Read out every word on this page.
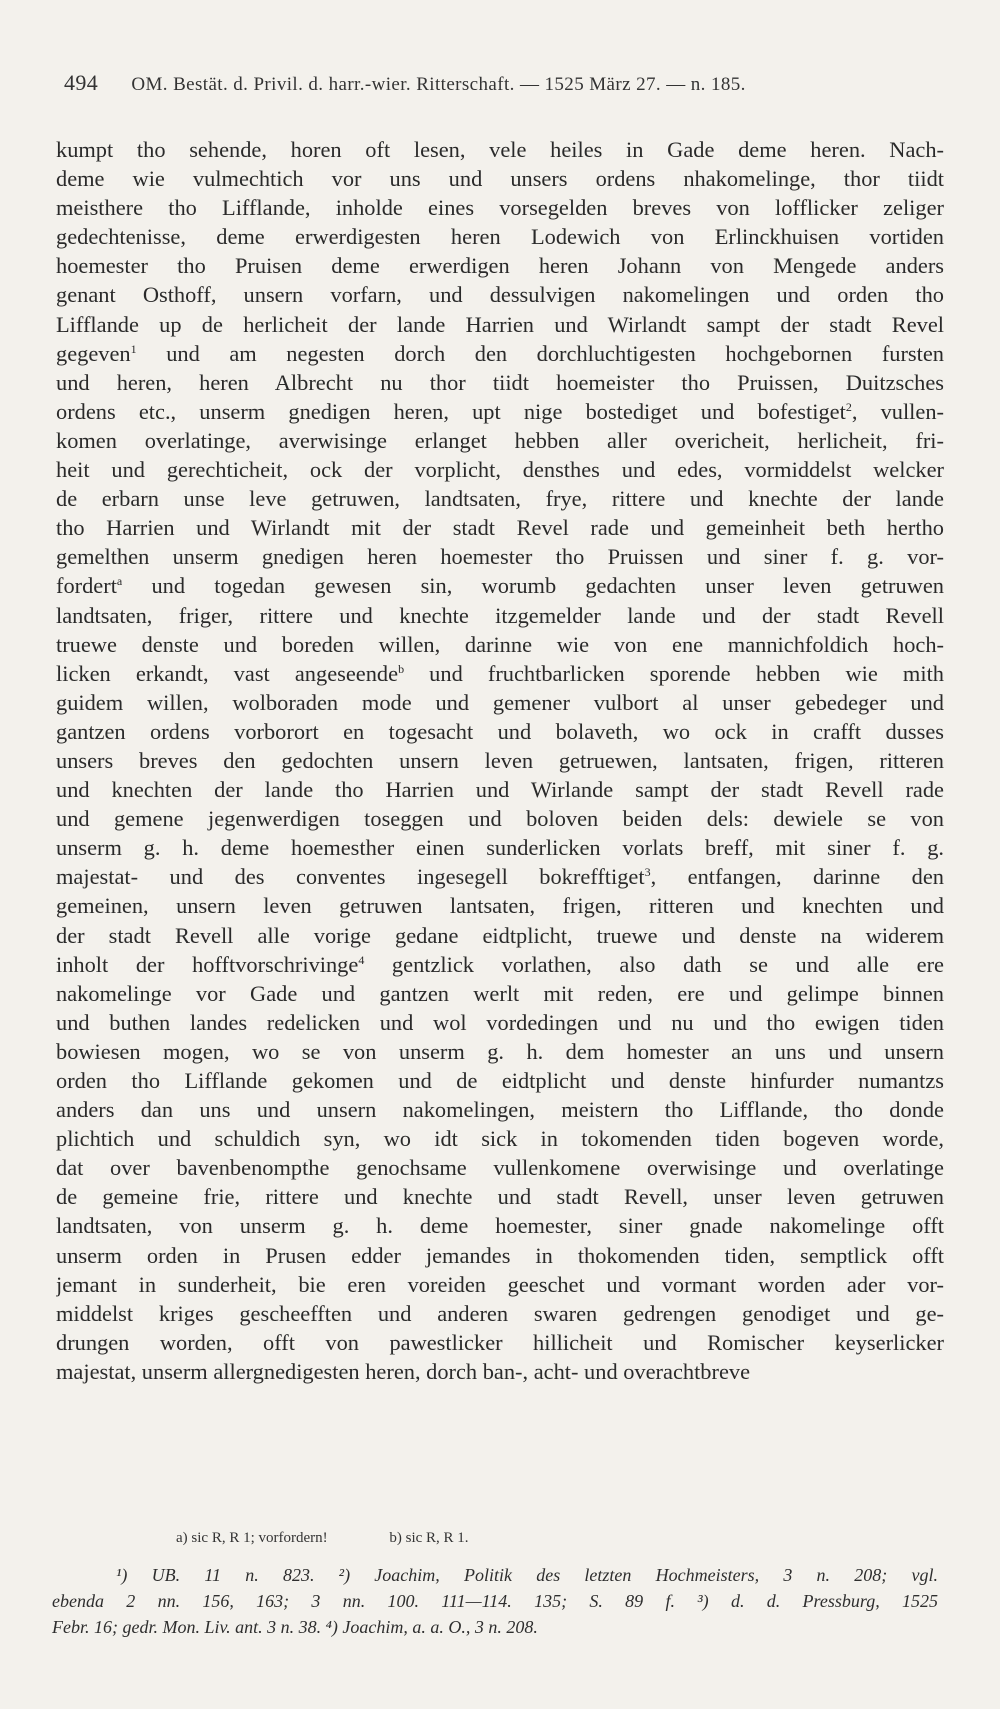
494 OM. Bestät. d. Privil. d. harr.-wier. Ritterschaft. — 1525 März 27. — n. 185.
kumpt tho sehende, horen oft lesen, vele heiles in Gade deme heren. Nach-
deme wie vulmechtich vor uns und unsers ordens nhakomelinge, thor tiidt
meisthere tho Lifflande, inholde eines vorsegelden breves von lofflicker zeliger
gedechtenisse, deme erwerdigesten heren Lodewich von Erlinckhuisen vortiden
hoemester tho Pruisen deme erwerdigen heren Johann von Mengede anders
genant Osthoff, unsern vorfarn, und dessulvigen nakomelingen und orden tho
Lifflande up de herlicheit der lande Harrien und Wirlandt sampt der stadt Revel
gegeven$^1$ und am negesten dorch den dorchluchtigesten hochgebornen fursten
und heren, heren Albrecht nu thor tiidt hoemeister tho Pruissen, Duitzsches
ordens etc., unserm gnedigen heren, upt nige bostediget und bofestiget$^2$, vullen-
komen overlatinge, averwisinge erlanget hebben aller overicheit, herlicheit, fri-
heit und gerechticheit, ock der vorplicht, densthes und edes, vormiddelst welcker
de erbarn unse leve getruwen, landtsaten, frye, rittere und knechte der lande
tho Harrien und Wirlandt mit der stadt Revel rade und gemeinheit beth hertho
gemelthen unserm gnedigen heren hoemester tho Pruissen und siner f. g. vor-
fordert$^a$ und togedan gewesen sin, worumb gedachten unser leven getruwen
landtsaten, friger, rittere und knechte itzgemelder lande und der stadt Revell
truewe denste und boreden willen, darinne wie von ene mannichfoldich hoch-
licken erkandt, vast angeseende$^b$ und fruchtbarlicken sporende hebben wie mith
guidem willen, wolboraden mode und gemener vulbort al unser gebedeger und
gantzen ordens vorborort en togesacht und bolaveth, wo ock in crafft dusses
unsers breves den gedochten unsern leven getruewen, lantsaten, frigen, ritteren
und knechten der lande tho Harrien und Wirlande sampt der stadt Revell rade
und gemene jegenwerdigen toseggen und boloven beiden dels: dewiele se von
unserm g. h. deme hoemesther einen sunderlicken vorlats breff, mit siner f. g.
majestat- und des conventes ingesegell bokrefftiget$^3$, entfangen, darinne den
gemeinen, unsern leven getruwen lantsaten, frigen, ritteren und knechten und
der stadt Revell alle vorige gedane eidtplicht, truewe und denste na widerem
inholt der hofftvorschrivinge$^4$ gentzlick vorlathen, also dath se und alle ere
nakomelinge vor Gade und gantzen werlt mit reden, ere und gelimpe binnen
und buthen landes redelicken und wol vordedingen und nu und tho ewigen tiden
bowiesen mogen, wo se von unserm g. h. dem homester an uns und unsern
orden tho Lifflande gekomen und de eidtplicht und denste hinfurder numantzs
anders dan uns und unsern nakomelingen, meistern tho Lifflande, tho donde
plichtich und schuldich syn, wo idt sick in tokomenden tiden bogeven worde,
dat over bavenbenompthe genochsame vullenkomene overwisinge und overlatinge
de gemeine frie, rittere und knechte und stadt Revell, unser leven getruwen
landtsaten, von unserm g. h. deme hoemester, siner gnade nakomelinge offt
unserm orden in Prusen edder jemandes in thokomenden tiden, semptlick offt
jemant in sunderheit, bie eren voreiden geeschet und vormant worden ader vor-
middelst kriges gescheefften und anderen swaren gedrengen genodiget und ge-
drungen worden, offt von pawestlicker hillicheit und Romischer keyserlicker
majestat, unserm allergnedigesten heren, dorch ban-, acht- und overachtbreve
a) sic R, R 1; vorfordern!	b) sic R, R 1.
¹) UB. 11 n. 823. ²) Joachim, Politik des letzten Hochmeisters, 3 n. 208; vgl.
ebenda 2 nn. 156, 163; 3 nn. 100. 111—114. 135; S. 89 f. ³) d. d. Pressburg, 1525
Febr. 16; gedr. Mon. Liv. ant. 3 n. 38. ⁴) Joachim, a. a. O., 3 n. 208.
